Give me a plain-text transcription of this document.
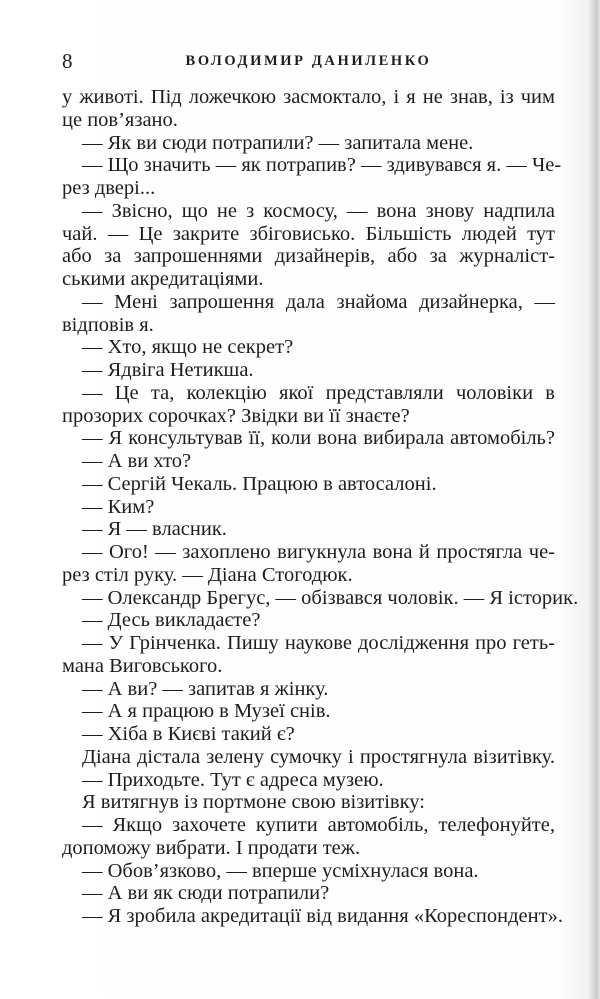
8	ВОЛОДИМИР ДАНИЛЕНКО
у животі. Під ложечкою засмоктало, і я не знав, із чим
це пов’язано.
— Як ви сюди потрапили? — запитала мене.
— Що значить — як потрапив? — здивувався я. — Че-
рез двері...
— Звісно, що не з космосу, — вона знову надпила
чай. — Це закрите збіговисько. Більшість людей тут
або за запрошеннями дизайнерів, або за журналіст-
ськими акредитаціями.
— Мені запрошення дала знайома дизайнерка, —
відповів я.
— Хто, якщо не секрет?
— Ядвіга Нетикша.
— Це та, колекцію якої представляли чоловіки в
прозорих сорочках? Звідки ви її знаєте?
— Я консультував її, коли вона вибирала автомобіль?
— А ви хто?
— Сергій Чекаль. Працюю в автосалоні.
— Ким?
— Я — власник.
— Ого! — захоплено вигукнула вона й простягла че-
рез стіл руку. — Діана Стогодюк.
— Олександр Брегус, — обізвався чоловік. — Я історик.
— Десь викладаєте?
— У Грінченка. Пишу наукове дослідження про геть-
мана Виговського.
— А ви? — запитав я жінку.
— А я працюю в Музеї снів.
— Хіба в Києві такий є?
Діана дістала зелену сумочку і простягнула візитівку.
— Приходьте. Тут є адреса музею.
Я витягнув із портмоне свою візитівку:
— Якщо захочете купити автомобіль, телефонуйте,
допоможу вибрати. І продати теж.
— Обов’язково, — вперше усміхнулася вона.
— А ви як сюди потрапили?
— Я зробила акредитації від видання «Кореспондент».
